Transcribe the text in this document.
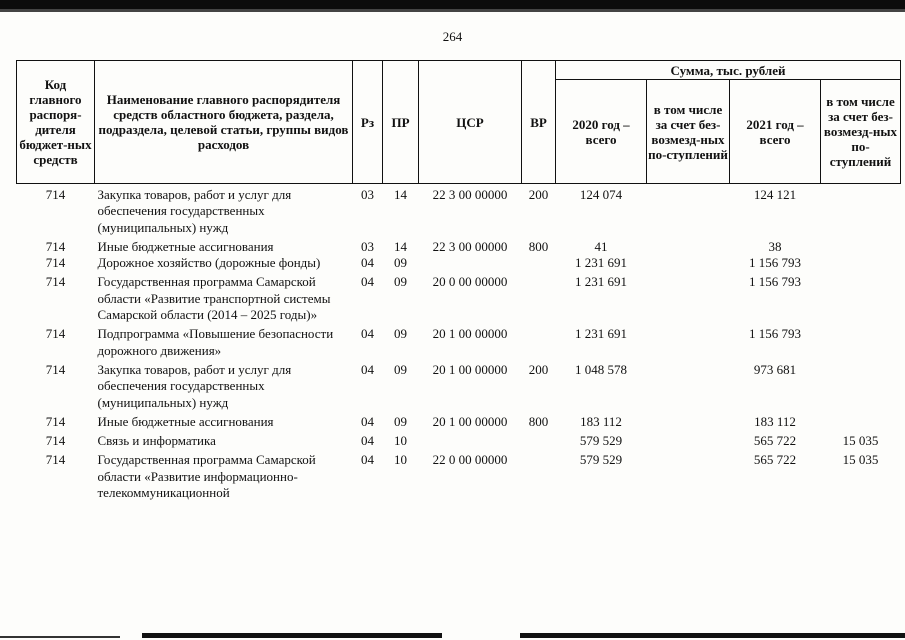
264
Код главного распоря-дителя бюджет-ных средств	Наименование главного распорядителя средств областного бюджета, раздела, подраздела, целевой статьи, группы видов расходов	Рз	ПР	ЦСР	ВР	Сумма, тыс. рублей			
						2020 год – всего	в том числе за счет без-возмезд-ных по-ступлений	2021 год – всего	в том числе за счет без-возмезд-ных по-ступлений
714	Закупка товаров, работ и услуг для обеспечения государственных (муниципальных) нужд	03	14	22 3 00 00000	200	124 074		124 121	
714	Иные бюджетные ассигнования	03	14	22 3 00 00000	800	41		38	
714	Дорожное хозяйство (дорожные фонды)	04	09			1 231 691		1 156 793	
714	Государственная программа Самарской области «Развитие транспортной системы Самарской области (2014 – 2025 годы)»	04	09	20 0 00 00000		1 231 691		1 156 793	
714	Подпрограмма «Повышение безопасности дорожного движения»	04	09	20 1 00 00000		1 231 691		1 156 793	
714	Закупка товаров, работ и услуг для обеспечения государственных (муниципальных) нужд	04	09	20 1 00 00000	200	1 048 578		973 681	
714	Иные бюджетные ассигнования	04	09	20 1 00 00000	800	183 112		183 112	
714	Связь и информатика	04	10			579 529		565 722	15 035
714	Государственная программа Самарской области «Развитие информационно-телекоммуникационной	04	10	22 0 00 00000		579 529		565 722	15 035
